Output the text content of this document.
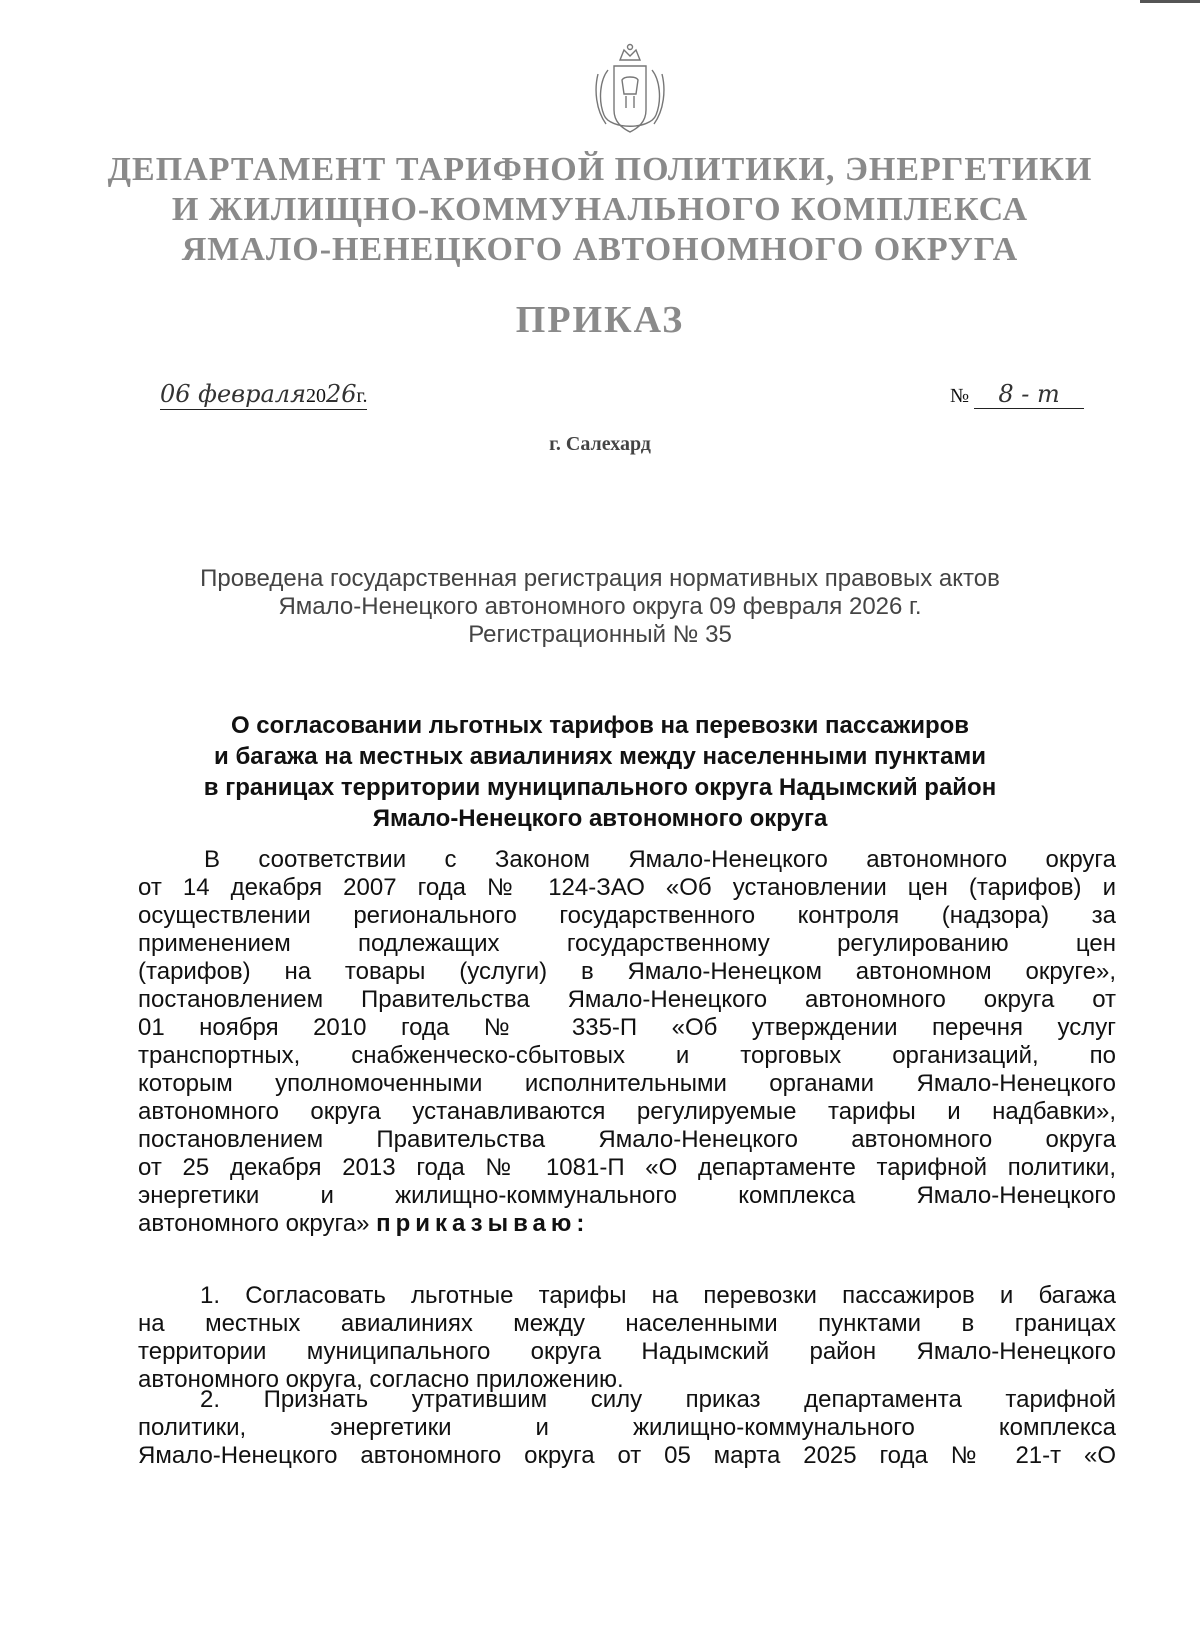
ДЕПАРТАМЕНТ ТАРИФНОЙ ПОЛИТИКИ, ЭНЕРГЕТИКИ
И ЖИЛИЩНО-КОММУНАЛЬНОГО КОМПЛЕКСА
ЯМАЛО-НЕНЕЦКОГО АВТОНОМНОГО ОКРУГА
ПРИКАЗ
06 февраля2026г.	№ 8 - т
г. Салехард
Проведена государственная регистрация нормативных правовых актов
Ямало-Ненецкого автономного округа 09 февраля 2026 г.
Регистрационный № 35
О согласовании льготных тарифов на перевозки пассажиров
и багажа на местных авиалиниях между населенными пунктами
в границах территории муниципального округа Надымский район
Ямало-Ненецкого автономного округа
В соответствии с Законом Ямало-Ненецкого автономного округа
от 14 декабря 2007 года № 124-ЗАО «Об установлении цен (тарифов) и
осуществлении регионального государственного контроля (надзора) за
применением подлежащих государственному регулированию цен
(тарифов) на товары (услуги) в Ямало-Ненецком автономном округе»,
постановлением Правительства Ямало-Ненецкого автономного округа от
01 ноября 2010 года № 335-П «Об утверждении перечня услуг
транспортных, снабженческо-сбытовых и торговых организаций, по
которым уполномоченными исполнительными органами Ямало-Ненецкого
автономного округа устанавливаются регулируемые тарифы и надбавки»,
постановлением Правительства Ямало-Ненецкого автономного округа
от 25 декабря 2013 года № 1081-П «О департаменте тарифной политики,
энергетики и жилищно-коммунального комплекса Ямало-Ненецкого
автономного округа» приказываю:
1. Согласовать льготные тарифы на перевозки пассажиров и багажа
на местных авиалиниях между населенными пунктами в границах
территории муниципального округа Надымский район Ямало-Ненецкого
автономного округа, согласно приложению.
2. Признать утратившим силу приказ департамента тарифной
политики, энергетики и жилищно-коммунального комплекса
Ямало-Ненецкого автономного округа от 05 марта 2025 года № 21-т «О
